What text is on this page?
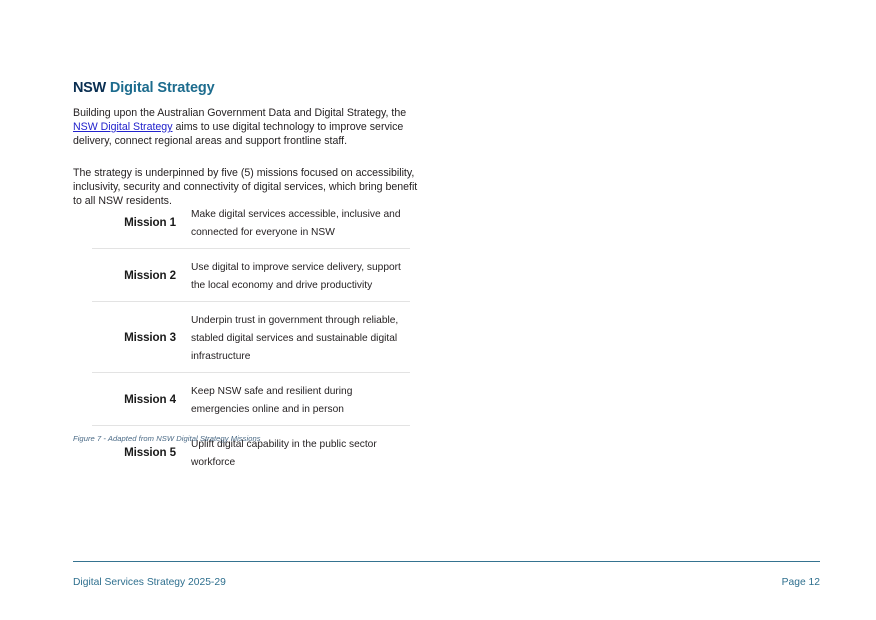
NSW Digital Strategy

Building upon the Australian Government Data and Digital Strategy, the NSW Digital Strategy aims to use digital technology to improve service delivery, connect regional areas and support frontline staff.

The strategy is underpinned by five (5) missions focused on accessibility, inclusivity, security and connectivity of digital services, which bring benefit to all NSW residents.

Mission 1	Make digital services accessible, inclusive and connected for everyone in NSW
Mission 2	Use digital to improve service delivery, support the local economy and drive productivity
Mission 3	Underpin trust in government through reliable, stabled digital services and sustainable digital infrastructure
Mission 4	Keep NSW safe and resilient during emergencies online and in person
Mission 5	Uplift digital capability in the public sector workforce
Figure 7 - Adapted from NSW Digital Strategy Missions
Digital Services Strategy 2025-29	Page 12
